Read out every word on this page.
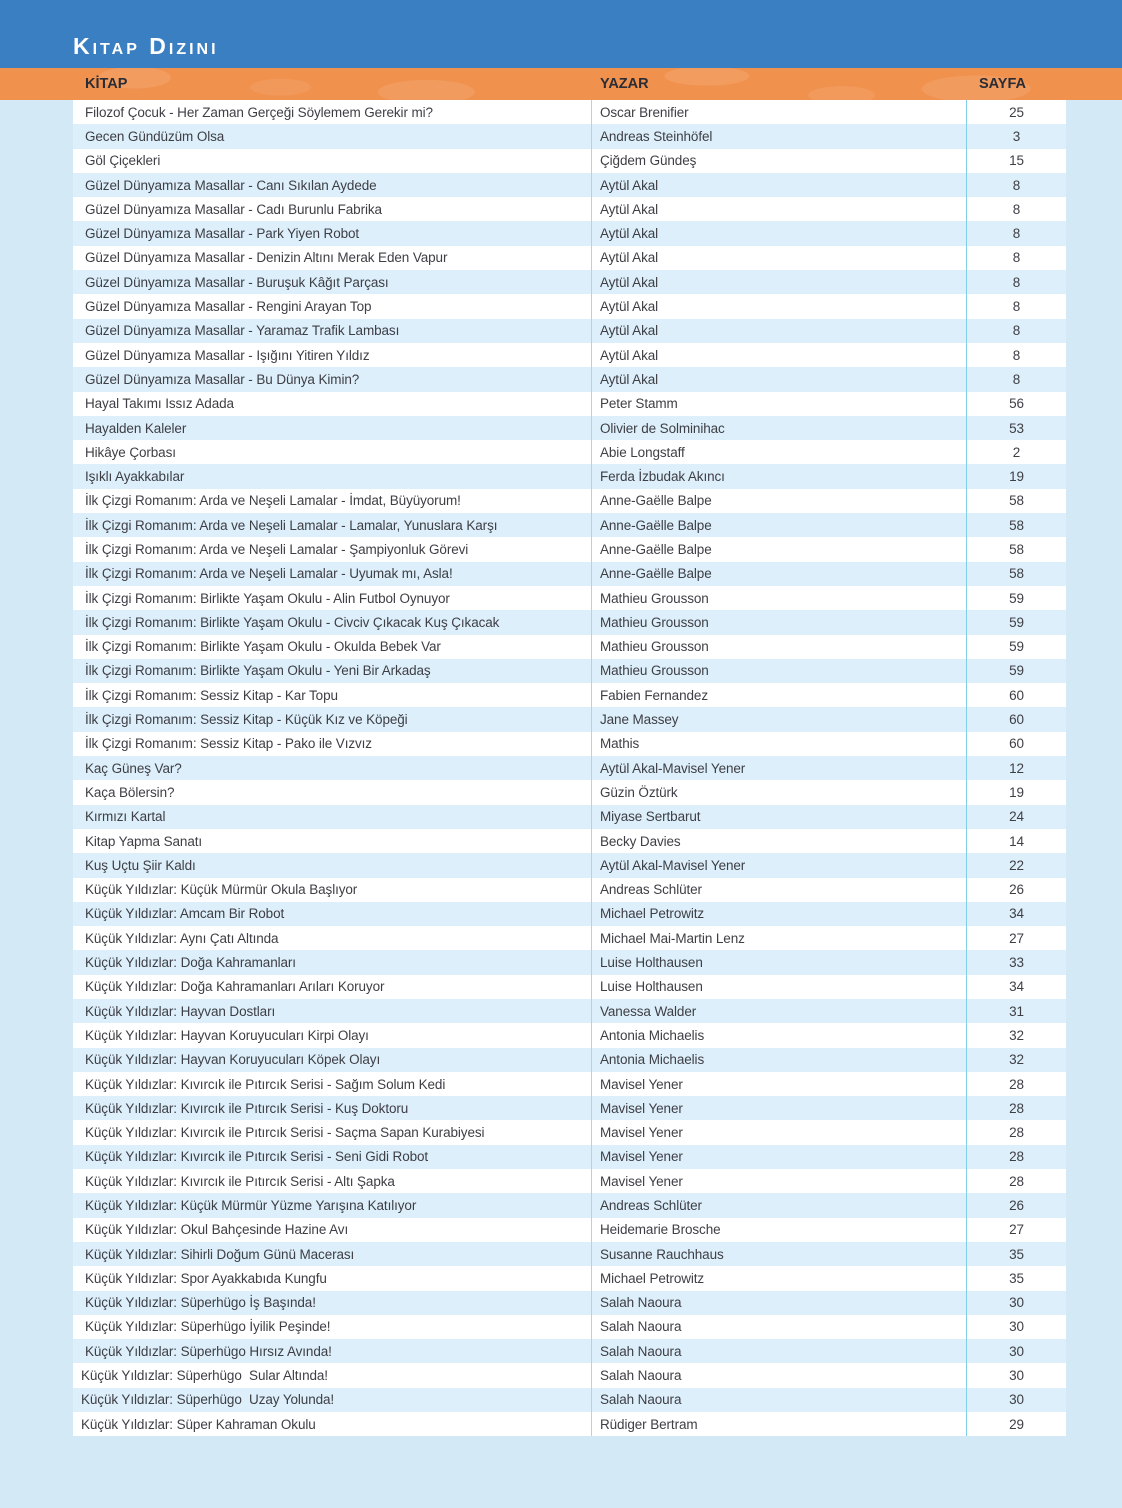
Kitap Dizini
KİTAP	YAZAR	SAYFA
Filozof Çocuk - Her Zaman Gerçeği Söylemem Gerekir mi?	Oscar Brenifier	25
Gecen Gündüzüm Olsa	Andreas Steinhöfel	3
Göl Çiçekleri	Çiğdem Gündeş	15
Güzel Dünyamıza Masallar - Canı Sıkılan Aydede	Aytül Akal	8
Güzel Dünyamıza Masallar - Cadı Burunlu Fabrika	Aytül Akal	8
Güzel Dünyamıza Masallar - Park Yiyen Robot	Aytül Akal	8
Güzel Dünyamıza Masallar - Denizin Altını Merak Eden Vapur	Aytül Akal	8
Güzel Dünyamıza Masallar - Buruşuk Kâğıt Parçası	Aytül Akal	8
Güzel Dünyamıza Masallar - Rengini Arayan Top	Aytül Akal	8
Güzel Dünyamıza Masallar - Yaramaz Trafik Lambası	Aytül Akal	8
Güzel Dünyamıza Masallar - Işığını Yitiren Yıldız	Aytül Akal	8
Güzel Dünyamıza Masallar - Bu Dünya Kimin?	Aytül Akal	8
Hayal Takımı Issız Adada	Peter Stamm	56
Hayalden Kaleler	Olivier de Solminihac	53
Hikâye Çorbası	Abie Longstaff	2
Işıklı Ayakkabılar	Ferda İzbudak Akıncı	19
İlk Çizgi Romanım: Arda ve Neşeli Lamalar - İmdat, Büyüyorum!	Anne-Gaëlle Balpe	58
İlk Çizgi Romanım: Arda ve Neşeli Lamalar - Lamalar, Yunuslara Karşı	Anne-Gaëlle Balpe	58
İlk Çizgi Romanım: Arda ve Neşeli Lamalar - Şampiyonluk Görevi	Anne-Gaëlle Balpe	58
İlk Çizgi Romanım: Arda ve Neşeli Lamalar - Uyumak mı, Asla!	Anne-Gaëlle Balpe	58
İlk Çizgi Romanım: Birlikte Yaşam Okulu - Alin Futbol Oynuyor	Mathieu Grousson	59
İlk Çizgi Romanım: Birlikte Yaşam Okulu - Civciv Çıkacak Kuş Çıkacak	Mathieu Grousson	59
İlk Çizgi Romanım: Birlikte Yaşam Okulu - Okulda Bebek Var	Mathieu Grousson	59
İlk Çizgi Romanım: Birlikte Yaşam Okulu - Yeni Bir Arkadaş	Mathieu Grousson	59
İlk Çizgi Romanım: Sessiz Kitap - Kar Topu	Fabien Fernandez	60
İlk Çizgi Romanım: Sessiz Kitap - Küçük Kız ve Köpeği	Jane Massey	60
İlk Çizgi Romanım: Sessiz Kitap - Pako ile Vızvız	Mathis	60
Kaç Güneş Var?	Aytül Akal-Mavisel Yener	12
Kaça Bölersin?	Güzin Öztürk	19
Kırmızı Kartal	Miyase Sertbarut	24
Kitap Yapma Sanatı	Becky Davies	14
Kuş Uçtu Şiir Kaldı	Aytül Akal-Mavisel Yener	22
Küçük Yıldızlar: Küçük Mürmür Okula Başlıyor	Andreas Schlüter	26
Küçük Yıldızlar: Amcam Bir Robot	Michael Petrowitz	34
Küçük Yıldızlar: Aynı Çatı Altında	Michael Mai-Martin Lenz	27
Küçük Yıldızlar: Doğa Kahramanları	Luise Holthausen	33
Küçük Yıldızlar: Doğa Kahramanları Arıları Koruyor	Luise Holthausen	34
Küçük Yıldızlar: Hayvan Dostları	Vanessa Walder	31
Küçük Yıldızlar: Hayvan Koruyucuları Kirpi Olayı	Antonia Michaelis	32
Küçük Yıldızlar: Hayvan Koruyucuları Köpek Olayı	Antonia Michaelis	32
Küçük Yıldızlar: Kıvırcık ile Pıtırcık Serisi - Sağım Solum Kedi	Mavisel Yener	28
Küçük Yıldızlar: Kıvırcık ile Pıtırcık Serisi - Kuş Doktoru	Mavisel Yener	28
Küçük Yıldızlar: Kıvırcık ile Pıtırcık Serisi - Saçma Sapan Kurabiyesi	Mavisel Yener	28
Küçük Yıldızlar: Kıvırcık ile Pıtırcık Serisi - Seni Gidi Robot	Mavisel Yener	28
Küçük Yıldızlar: Kıvırcık ile Pıtırcık Serisi - Altı Şapka	Mavisel Yener	28
Küçük Yıldızlar: Küçük Mürmür Yüzme Yarışına Katılıyor	Andreas Schlüter	26
Küçük Yıldızlar: Okul Bahçesinde Hazine Avı	Heidemarie Brosche	27
Küçük Yıldızlar: Sihirli Doğum Günü Macerası	Susanne Rauchhaus	35
Küçük Yıldızlar: Spor Ayakkabıda Kungfu	Michael Petrowitz	35
Küçük Yıldızlar: Süperhügo İş Başında!	Salah Naoura	30
Küçük Yıldızlar: Süperhügo İyilik Peşinde!	Salah Naoura	30
Küçük Yıldızlar: Süperhügo Hırsız Avında!	Salah Naoura	30
Küçük Yıldızlar: Süperhügo  Sular Altında!	Salah Naoura	30
Küçük Yıldızlar: Süperhügo  Uzay Yolunda!	Salah Naoura	30
Küçük Yıldızlar: Süper Kahraman Okulu	Rüdiger Bertram	29
